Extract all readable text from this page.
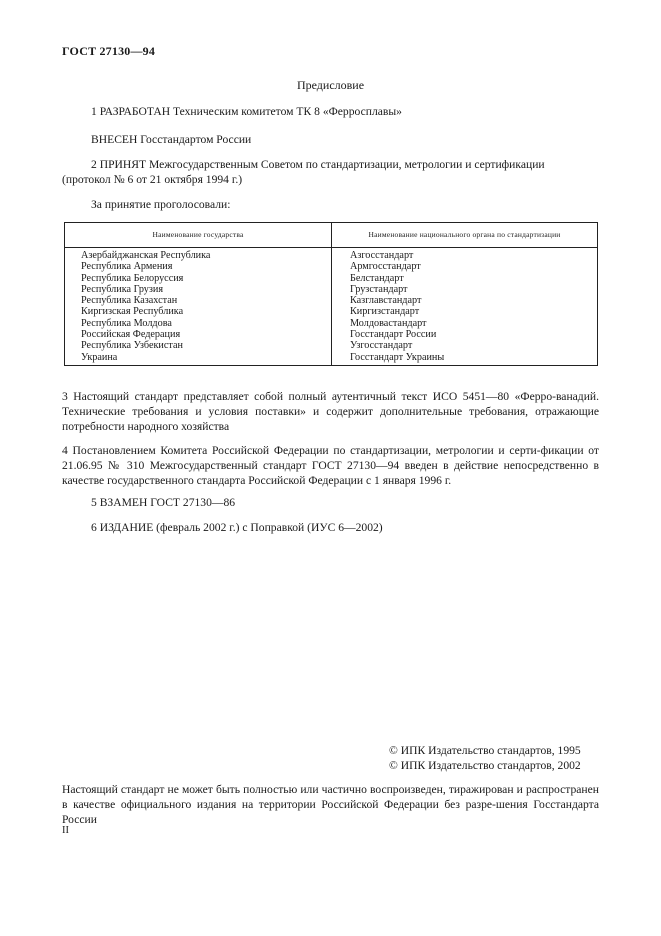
ГОСТ 27130—94
Предисловие
1 РАЗРАБОТАН Техническим комитетом ТК 8 «Ферросплавы»
ВНЕСЕН Госстандартом России
2 ПРИНЯТ Межгосударственным Советом по стандартизации, метрологии и сертификации
(протокол № 6 от 21 октября 1994 г.)
За принятие проголосовали:
Наименование государства	Наименование национального органа по стандартизации
Азербайджанская Республика
Республика Армения
Республика Белоруссия
Республика Грузия
Республика Казахстан
Киргизская Республика
Республика Молдова
Российская Федерация
Республика Узбекистан
Украина
Азгосстандарт
Армгосстандарт
Белстандарт
Грузстандарт
Казглавстандарт
Киргизстандарт
Молдовастандарт
Госстандарт России
Узгосстандарт
Госстандарт Украины
3 Настоящий стандарт представляет собой полный аутентичный текст ИСО 5451—80 «Ферро-ванадий. Технические требования и условия поставки» и содержит дополнительные требования, отражающие потребности народного хозяйства
4 Постановлением Комитета Российской Федерации по стандартизации, метрологии и серти-фикации от 21.06.95 № 310 Межгосударственный стандарт ГОСТ 27130—94 введен в действие непосредственно в качестве государственного стандарта Российской Федерации с 1 января 1996 г.
5 ВЗАМЕН ГОСТ 27130—86
6 ИЗДАНИЕ (февраль 2002 г.) с Поправкой (ИУС 6—2002)
© ИПК Издательство стандартов, 1995
© ИПК Издательство стандартов, 2002
Настоящий стандарт не может быть полностью или частично воспроизведен, тиражирован и распространен в качестве официального издания на территории Российской Федерации без разре-шения Госстандарта России
II
